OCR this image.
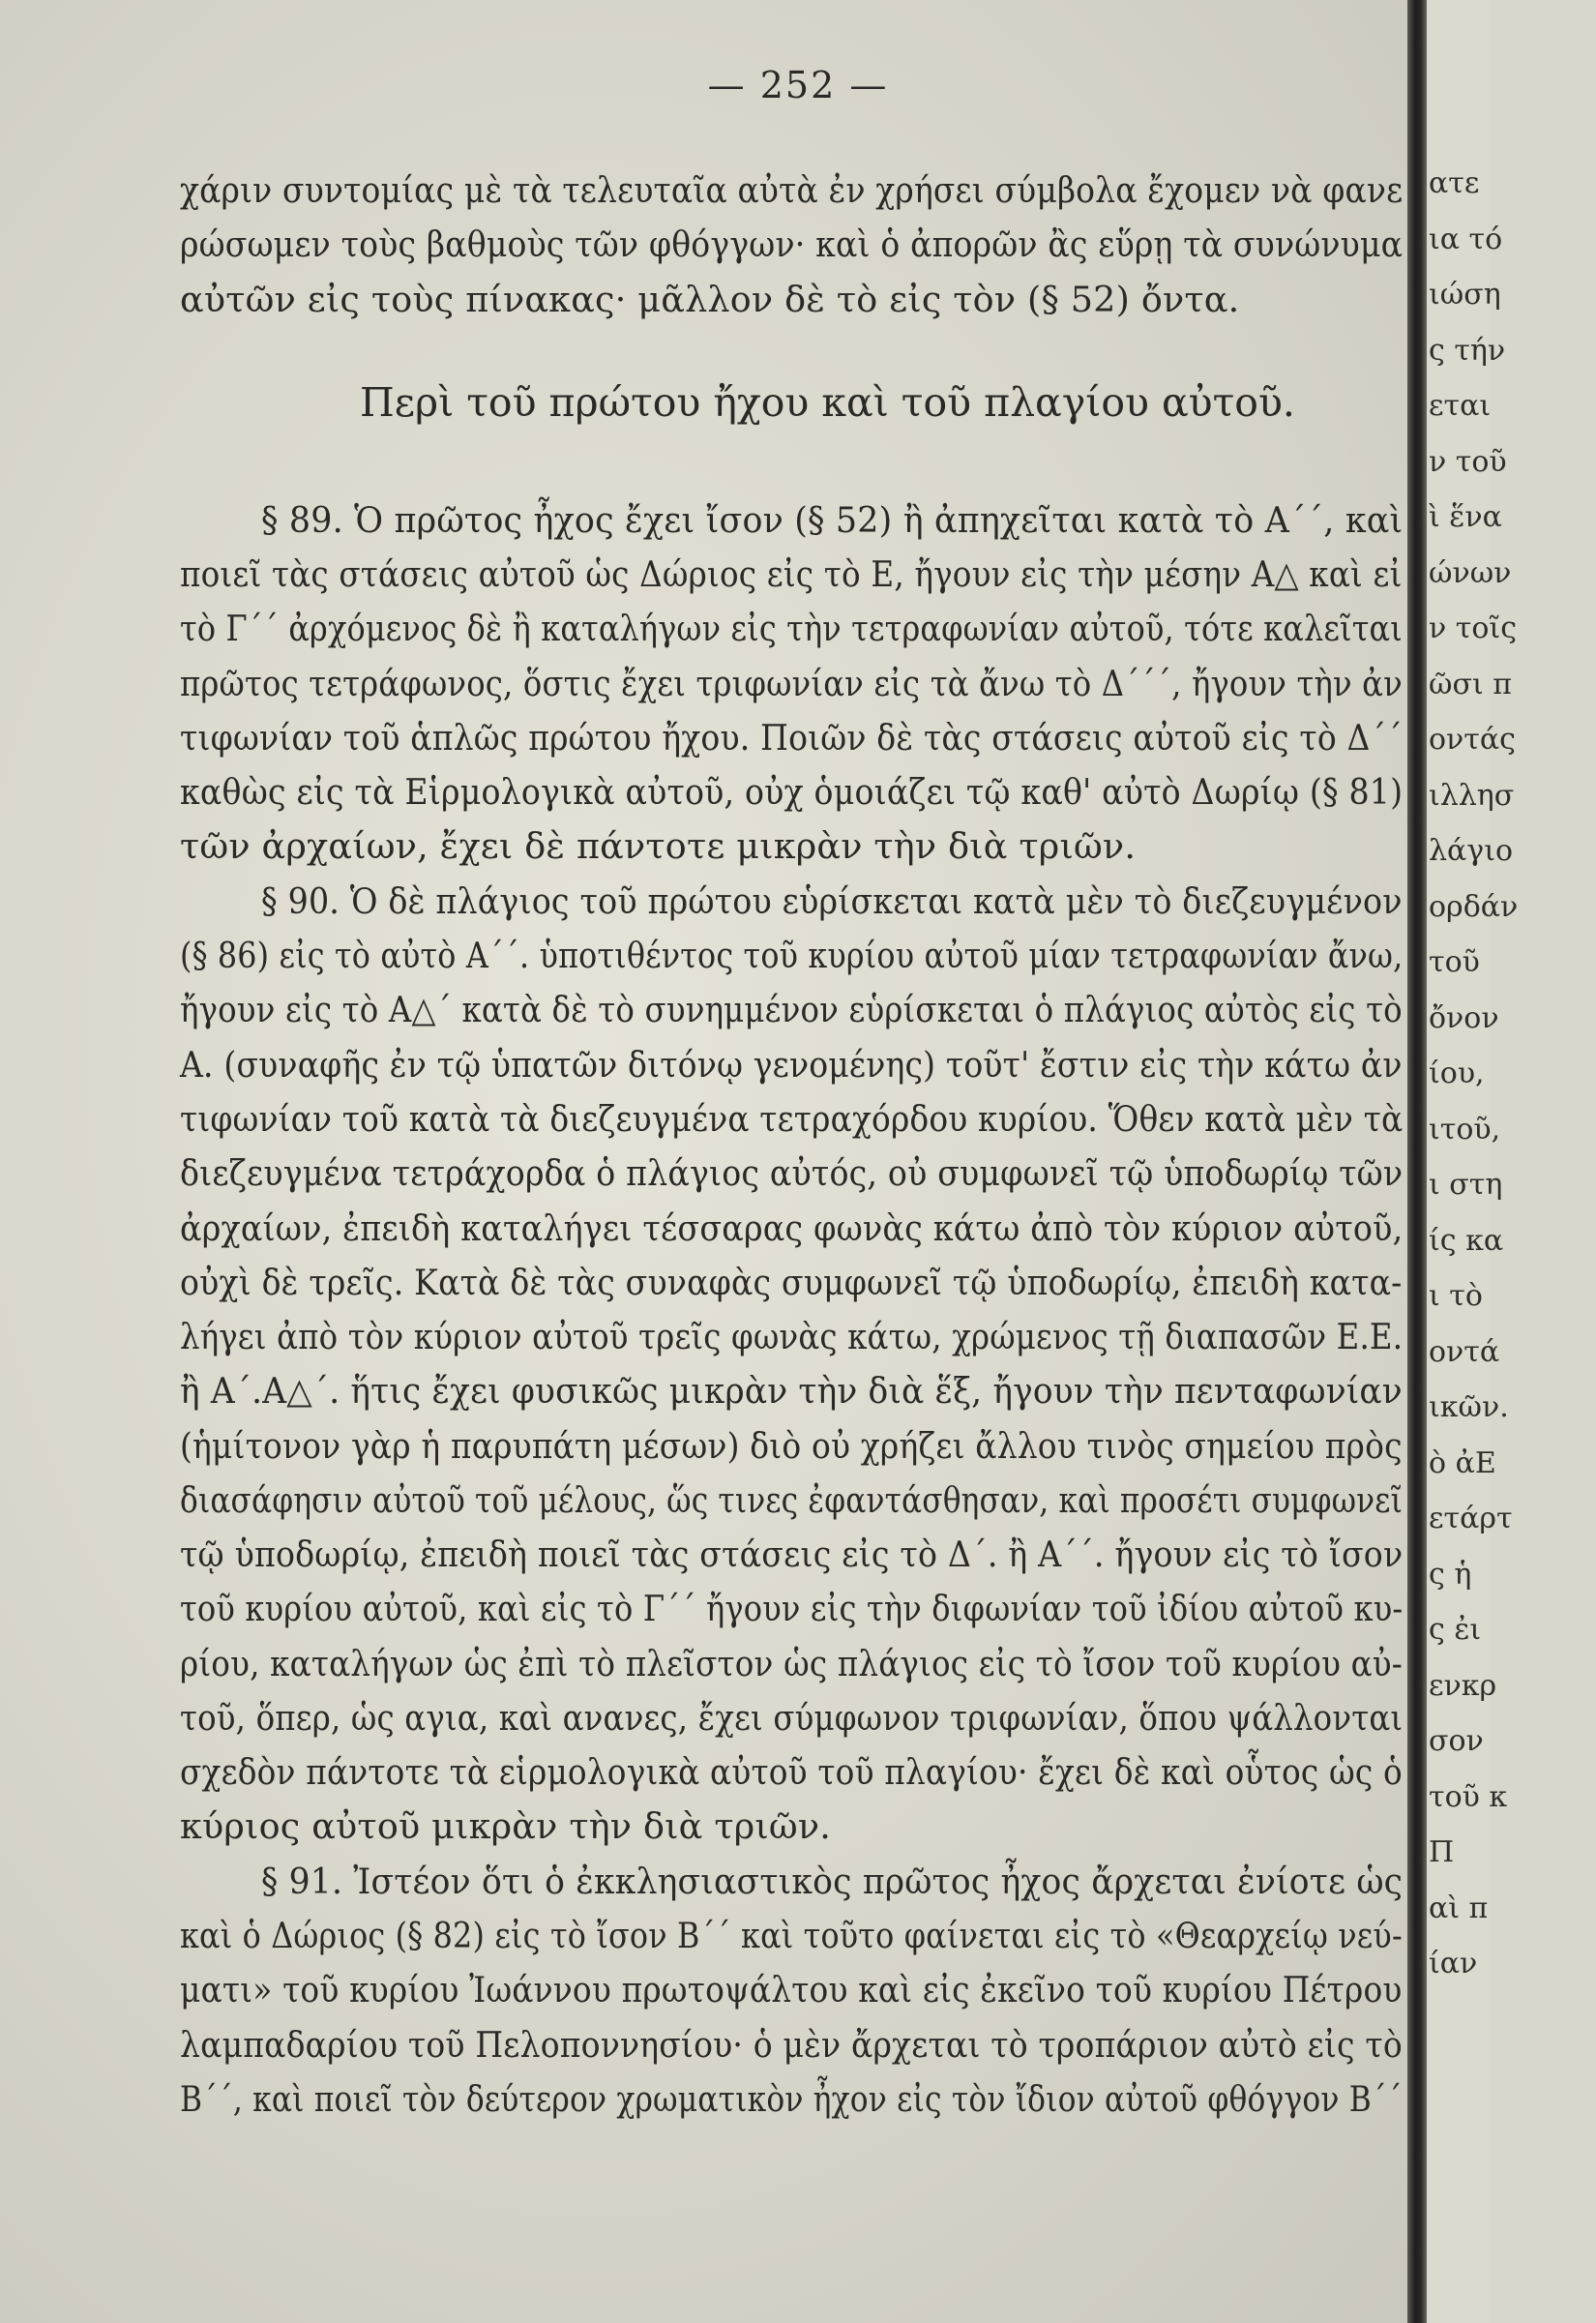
— 252 —
Περὶ τοῦ πρώτου ἤχου καὶ τοῦ πλαγίου αὐτοῦ.
χάριν συντομίας μὲ τὰ τελευταῖα αὐτὰ ἐν χρήσει σύμβολα ἔχομεν νὰ φανε
ρώσωμεν τοὺς βαθμοὺς τῶν φθόγγων· καὶ ὁ ἀπορῶν ἂς εὕρῃ τὰ συνώνυμα
αὐτῶν εἰς τοὺς πίνακας· μᾶλλον δὲ τὸ εἰς τὸν (§ 52) ὄντα.
§ 89. Ὁ πρῶτος ἦχος ἔχει ἴσον (§ 52) ἢ ἀπηχεῖται κατὰ τὸ Α΄΄, καὶ
ποιεῖ τὰς στάσεις αὐτοῦ ὡς Δώριος εἰς τὸ Ε, ἤγουν εἰς τὴν μέσην Α△ καὶ εἰ
τὸ Γ΄΄ ἀρχόμενος δὲ ἢ καταλήγων εἰς τὴν τετραφωνίαν αὐτοῦ, τότε καλεῖται
πρῶτος τετράφωνος, ὅστις ἔχει τριφωνίαν εἰς τὰ ἄνω τὸ Δ΄΄΄, ἤγουν τὴν ἀν
τιφωνίαν τοῦ ἁπλῶς πρώτου ἤχου. Ποιῶν δὲ τὰς στάσεις αὐτοῦ εἰς τὸ Δ΄΄
καθὼς εἰς τὰ Εἱρμολογικὰ αὐτοῦ, οὐχ ὁμοιάζει τῷ καθ' αὐτὸ Δωρίῳ (§ 81)
τῶν ἀρχαίων, ἔχει δὲ πάντοτε μικρὰν τὴν διὰ τριῶν.
§ 90. Ὁ δὲ πλάγιος τοῦ πρώτου εὑρίσκεται κατὰ μὲν τὸ διεζευγμένον
(§ 86) εἰς τὸ αὐτὸ Α΄΄. ὑποτιθέντος τοῦ κυρίου αὐτοῦ μίαν τετραφωνίαν ἄνω,
ἤγουν εἰς τὸ Α△΄ κατὰ δὲ τὸ συνημμένον εὑρίσκεται ὁ πλάγιος αὐτὸς εἰς τὸ
Α. (συναφῆς ἐν τῷ ὑπατῶν διτόνῳ γενομένης) τοῦτ' ἔστιν εἰς τὴν κάτω ἀν
τιφωνίαν τοῦ κατὰ τὰ διεζευγμένα τετραχόρδου κυρίου. Ὅθεν κατὰ μὲν τὰ
διεζευγμένα τετράχορδα ὁ πλάγιος αὐτός, οὐ συμφωνεῖ τῷ ὑποδωρίῳ τῶν
ἀρχαίων, ἐπειδὴ καταλήγει τέσσαρας φωνὰς κάτω ἀπὸ τὸν κύριον αὐτοῦ,
οὐχὶ δὲ τρεῖς. Κατὰ δὲ τὰς συναφὰς συμφωνεῖ τῷ ὑποδωρίῳ, ἐπειδὴ κατα-
λήγει ἀπὸ τὸν κύριον αὐτοῦ τρεῖς φωνὰς κάτω, χρώμενος τῇ διαπασῶν Ε.Ε.
ἢ Α΄.Α△΄. ἥτις ἔχει φυσικῶς μικρὰν τὴν διὰ ἕξ, ἤγουν τὴν πενταφωνίαν
(ἡμίτονον γὰρ ἡ παρυπάτη μέσων) διὸ οὐ χρήζει ἄλλου τινὸς σημείου πρὸς
διασάφησιν αὐτοῦ τοῦ μέλους, ὥς τινες ἐφαντάσθησαν, καὶ προσέτι συμφωνεῖ
τῷ ὑποδωρίῳ, ἐπειδὴ ποιεῖ τὰς στάσεις εἰς τὸ Δ΄. ἢ Α΄΄. ἤγουν εἰς τὸ ἴσον
τοῦ κυρίου αὐτοῦ, καὶ εἰς τὸ Γ΄΄ ἤγουν εἰς τὴν διφωνίαν τοῦ ἰδίου αὐτοῦ κυ-
ρίου, καταλήγων ὡς ἐπὶ τὸ πλεῖστον ὡς πλάγιος εἰς τὸ ἴσον τοῦ κυρίου αὐ-
τοῦ, ὅπερ, ὡς αγια, καὶ ανανες, ἔχει σύμφωνον τριφωνίαν, ὅπου ψάλλονται
σχεδὸν πάντοτε τὰ εἱρμολογικὰ αὐτοῦ τοῦ πλαγίου· ἔχει δὲ καὶ οὗτος ὡς ὁ
κύριος αὐτοῦ μικρὰν τὴν διὰ τριῶν.
§ 91. Ἰστέον ὅτι ὁ ἐκκλησιαστικὸς πρῶτος ἦχος ἄρχεται ἐνίοτε ὡς
καὶ ὁ Δώριος (§ 82) εἰς τὸ ἴσον Β΄΄ καὶ τοῦτο φαίνεται εἰς τὸ «Θεαρχείῳ νεύ-
ματι» τοῦ κυρίου Ἰωάννου πρωτοψάλτου καὶ εἰς ἐκεῖνο τοῦ κυρίου Πέτρου
λαμπαδαρίου τοῦ Πελοποννησίου· ὁ μὲν ἄρχεται τὸ τροπάριον αὐτὸ εἰς τὸ
Β΄΄, καὶ ποιεῖ τὸν δεύτερον χρωματικὸν ἦχον εἰς τὸν ἴδιον αὐτοῦ φθόγγον Β΄΄
ατε
ια τό
ιώση
ς τήν
εται
ν τοῦ
ὶ ἕνα
ώνων
ν τοῖς
ῶσι π
οντάς
ιλλησ
λάγιο
ορδάν
τοῦ
ὄνον
ίου,
ιτοῦ,
ι στη
ίς κα
ι τὸ
οντά
ικῶν.
ὸ ἀΕ
ετάρτ
ς ἡ
ς ἐι
ενκρ
σον
τοῦ κ
Π
αὶ π
ίαν
